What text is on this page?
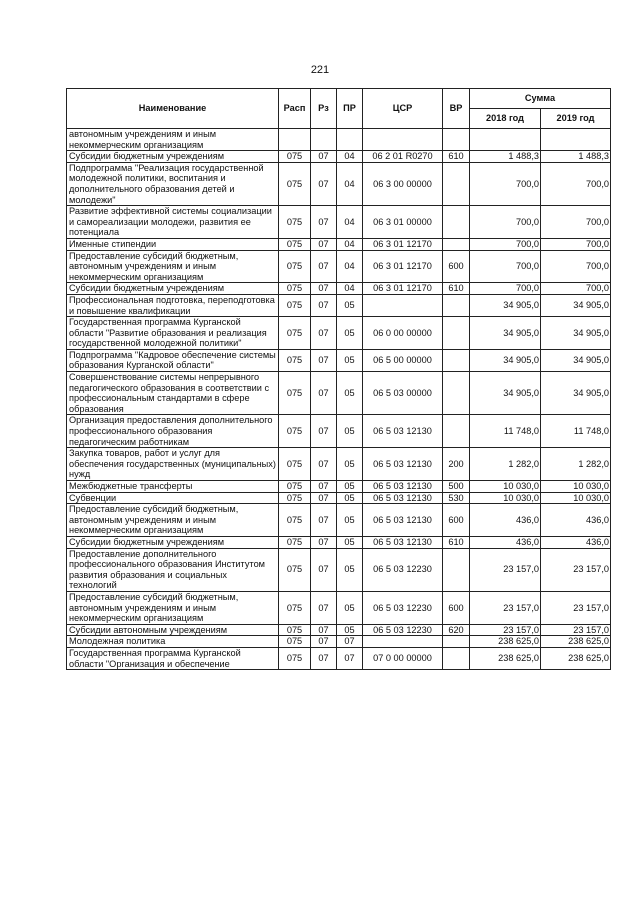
221
Наименование	Расп	Рз	ПР	ЦСР	ВР	Сумма	
						2018 год	2019 год
автономным учреждениям и иным некоммерческим организациям							
Субсидии бюджетным учреждениям	075	07	04	06 2 01 R0270	610	1 488,3	1 488,3
Подпрограмма "Реализация государственной молодежной политики, воспитания и дополнительного образования детей и молодежи"	075	07	04	06 3 00 00000		700,0	700,0
Развитие эффективной системы социализации и самореализации молодежи, развития ее потенциала	075	07	04	06 3 01 00000		700,0	700,0
Именные стипендии	075	07	04	06 3 01 12170		700,0	700,0
Предоставление субсидий бюджетным, автономным учреждениям и иным некоммерческим организациям	075	07	04	06 3 01 12170	600	700,0	700,0
Субсидии бюджетным учреждениям	075	07	04	06 3 01 12170	610	700,0	700,0
Профессиональная подготовка, переподготовка и повышение квалификации	075	07	05			34 905,0	34 905,0
Государственная программа Курганской области "Развитие образования и реализация государственной молодежной политики"	075	07	05	06 0 00 00000		34 905,0	34 905,0
Подпрограмма "Кадровое обеспечение системы образования Курганской области"	075	07	05	06 5 00 00000		34 905,0	34 905,0
Совершенствование системы непрерывного педагогического образования в соответствии с профессиональным стандартами в сфере образования	075	07	05	06 5 03 00000		34 905,0	34 905,0
Организация предоставления дополнительного профессионального образования педагогическим работникам	075	07	05	06 5 03 12130		11 748,0	11 748,0
Закупка товаров, работ и услуг для обеспечения государственных (муниципальных) нужд	075	07	05	06 5 03 12130	200	1 282,0	1 282,0
Межбюджетные трансферты	075	07	05	06 5 03 12130	500	10 030,0	10 030,0
Субвенции	075	07	05	06 5 03 12130	530	10 030,0	10 030,0
Предоставление субсидий бюджетным, автономным учреждениям и иным некоммерческим организациям	075	07	05	06 5 03 12130	600	436,0	436,0
Субсидии бюджетным учреждениям	075	07	05	06 5 03 12130	610	436,0	436,0
Предоставление дополнительного профессионального образования Институтом развития образования и социальных технологий	075	07	05	06 5 03 12230		23 157,0	23 157,0
Предоставление субсидий бюджетным, автономным учреждениям и иным некоммерческим организациям	075	07	05	06 5 03 12230	600	23 157,0	23 157,0
Субсидии автономным учреждениям	075	07	05	06 5 03 12230	620	23 157,0	23 157,0
Молодежная политика	075	07	07			238 625,0	238 625,0
Государственная программа Курганской области "Организация и обеспечение	075	07	07	07 0 00 00000		238 625,0	238 625,0
